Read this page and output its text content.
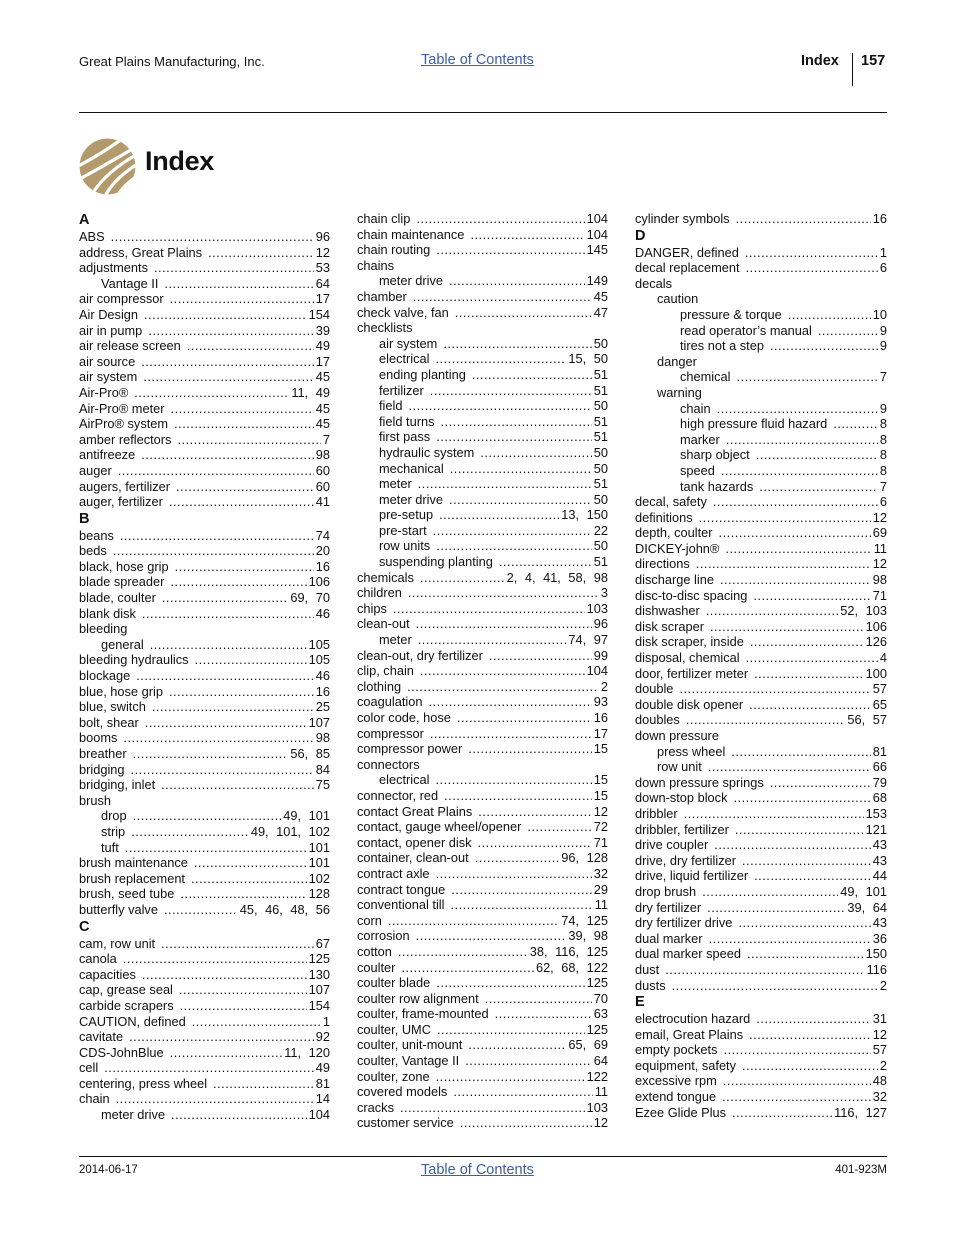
Great Plains Manufacturing, Inc.	Table of Contents	Index 157
Index
A
ABS .....	96
address, Great Plains .....	12
adjustments .....	53
Vantage II .....	64
air compressor .....	17
Air Design .....	154
air in pump .....	39
air release screen .....	49
air source .....	17
air system .....	45
Air-Pro® .....	11, 49
Air-Pro® meter .....	45
AirPro® system .....	45
amber reflectors .....	7
antifreeze .....	98
auger .....	60
augers, fertilizer .....	60
auger, fertilizer .....	41
B
beans .....	74
beds .....	20
black, hose grip .....	16
blade spreader .....	106
blade, coulter .....	69, 70
blank disk .....	46
bleeding
general .....	105
bleeding hydraulics .....	105
blockage .....	46
blue, hose grip .....	16
blue, switch .....	25
bolt, shear .....	107
booms .....	98
breather .....	56, 85
bridging .....	84
bridging, inlet .....	75
brush
drop .....	49, 101
strip .....	49, 101, 102
tuft .....	101
brush maintenance .....	101
brush replacement .....	102
brush, seed tube .....	128
butterfly valve .....	45, 46, 48, 56
C
cam, row unit .....	67
canola .....	125
capacities .....	130
cap, grease seal .....	107
carbide scrapers .....	154
CAUTION, defined .....	1
cavitate .....	92
CDS-JohnBlue .....	11, 120
cell .....	49
centering, press wheel .....	81
chain .....	14
meter drive .....	104
chain clip .....	104
chain maintenance .....	104
chain routing .....	145
chains
meter drive .....	149
chamber .....	45
check valve, fan .....	47
checklists
air system .....	50
electrical .....	15, 50
ending planting .....	51
fertilizer .....	51
field .....	50
field turns .....	51
first pass .....	51
hydraulic system .....	50
mechanical .....	50
meter .....	51
meter drive .....	50
pre-setup .....	13, 150
pre-start .....	22
row units .....	50
suspending planting .....	51
chemicals .....	2, 4, 41, 58, 98
children .....	3
chips .....	103
clean-out .....	96
meter .....	74, 97
clean-out, dry fertilizer .....	99
clip, chain .....	104
clothing .....	2
coagulation .....	93
color code, hose .....	16
compressor .....	17
compressor power .....	15
connectors
electrical .....	15
connector, red .....	15
contact Great Plains .....	12
contact, gauge wheel/opener .....	72
contact, opener disk .....	71
container, clean-out .....	96, 128
contract axle .....	32
contract tongue .....	29
conventional till .....	11
corn .....	74, 125
corrosion .....	39, 98
cotton .....	38, 116, 125
coulter .....	62, 68, 122
coulter blade .....	125
coulter row alignment .....	70
coulter, frame-mounted .....	63
coulter, UMC .....	125
coulter, unit-mount .....	65, 69
coulter, Vantage II .....	64
coulter, zone .....	122
covered models .....	11
cracks .....	103
customer service .....	12
cylinder symbols .....	16
D
DANGER, defined .....	1
decal replacement .....	6
decals
caution
pressure & torque .....	10
read operator’s manual .....	9
tires not a step .....	9
danger
chemical .....	7
warning
chain .....	9
high pressure fluid hazard .....	8
marker .....	8
sharp object .....	8
speed .....	8
tank hazards .....	7
decal, safety .....	6
definitions .....	12
depth, coulter .....	69
DICKEY-john® .....	11
directions .....	12
discharge line .....	98
disc-to-disc spacing .....	71
dishwasher .....	52, 103
disk scraper .....	106
disk scraper, inside .....	126
disposal, chemical .....	4
door, fertilizer meter .....	100
double .....	57
double disk opener .....	65
doubles .....	56, 57
down pressure
press wheel .....	81
row unit .....	66
down pressure springs .....	79
down-stop block .....	68
dribbler .....	153
dribbler, fertilizer .....	121
drive coupler .....	43
drive, dry fertilizer .....	43
drive, liquid fertilizer .....	44
drop brush .....	49, 101
dry fertilizer .....	39, 64
dry fertilizer drive .....	43
dual marker .....	36
dual marker speed .....	150
dust .....	116
dusts .....	2
E
electrocution hazard .....	31
email, Great Plains .....	12
empty pockets .....	57
equipment, safety .....	2
excessive rpm .....	48
extend tongue .....	32
Ezee Glide Plus .....	116, 127
2014-06-17	Table of Contents	401-923M
